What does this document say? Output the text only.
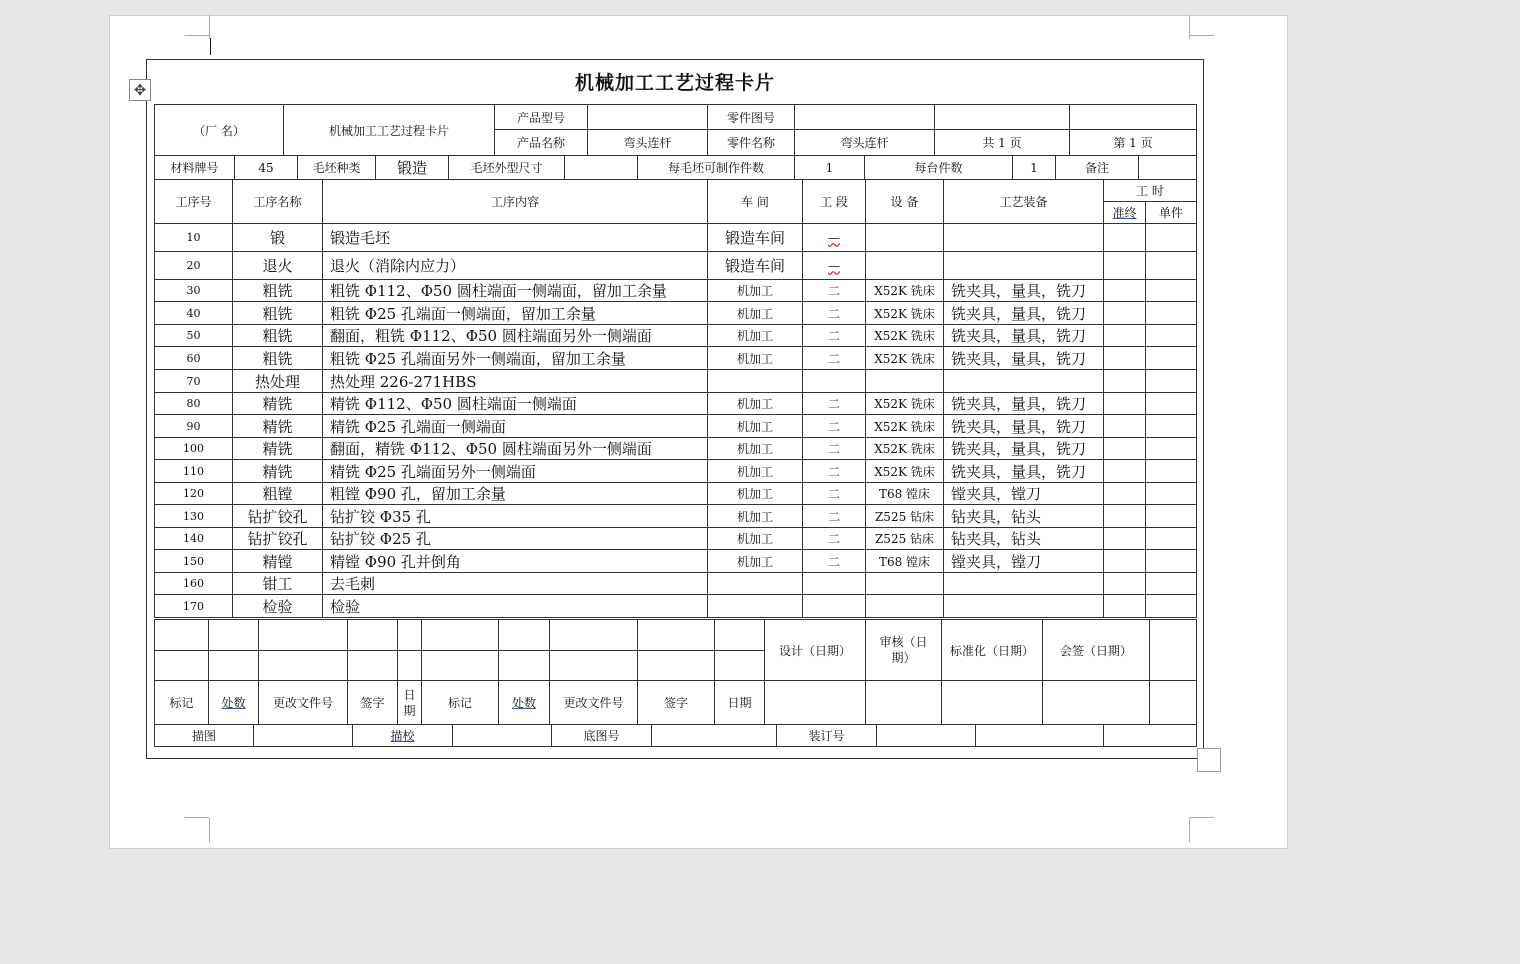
✥	机械加工工艺过程卡片
（厂 名）	机械加工工艺过程卡片	产品型号		零件图号			
		产品名称	弯头连杆	零件名称	弯头连杆	共 1 页	第 1 页
材料牌号	45	毛坯种类	锻造	毛坯外型尺寸		每毛坯可制作件数	1	每台件数	1	备注	
工序号	工序名称	工序内容	车 间	工 段	设 备	工艺装备	工 时	
							准终	单件
10	锻	锻造毛坯	锻造车间	—				
20	退火	退火（消除内应力）	锻造车间	—				
30	粗铣	粗铣 Φ112、Φ50 圆柱端面一侧端面，留加工余量	机加工	二	X52K 铣床	铣夹具，量具，铣刀		
40	粗铣	粗铣 Φ25 孔端面一侧端面，留加工余量	机加工	二	X52K 铣床	铣夹具，量具，铣刀		
50	粗铣	翻面，粗铣 Φ112、Φ50 圆柱端面另外一侧端面	机加工	二	X52K 铣床	铣夹具，量具，铣刀		
60	粗铣	粗铣 Φ25 孔端面另外一侧端面，留加工余量	机加工	二	X52K 铣床	铣夹具，量具，铣刀		
70	热处理	热处理 226-271HBS						
80	精铣	精铣 Φ112、Φ50 圆柱端面一侧端面	机加工	二	X52K 铣床	铣夹具，量具，铣刀		
90	精铣	精铣 Φ25 孔端面一侧端面	机加工	二	X52K 铣床	铣夹具，量具，铣刀		
100	精铣	翻面，精铣 Φ112、Φ50 圆柱端面另外一侧端面	机加工	二	X52K 铣床	铣夹具，量具，铣刀		
110	精铣	精铣 Φ25 孔端面另外一侧端面	机加工	二	X52K 铣床	铣夹具，量具，铣刀		
120	粗镗	粗镗 Φ90 孔，留加工余量	机加工	二	T68 镗床	镗夹具，镗刀		
130	钻扩铰孔	钻扩铰 Φ35 孔	机加工	二	Z525 钻床	钻夹具，钻头		
140	钻扩铰孔	钻扩铰 Φ25 孔	机加工	二	Z525 钻床	钻夹具，钻头		
150	精镗	精镗 Φ90 孔并倒角	机加工	二	T68 镗床	镗夹具，镗刀		
160	钳工	去毛刺						
170	检验	检验						
										设计（日期）	审核（日期）	标准化（日期）	会签（日期）	

标记	处数	更改文件号	签字	日期	标记	处数	更改文件号	签字	日期					
描图		描校		底图号		装订号			
